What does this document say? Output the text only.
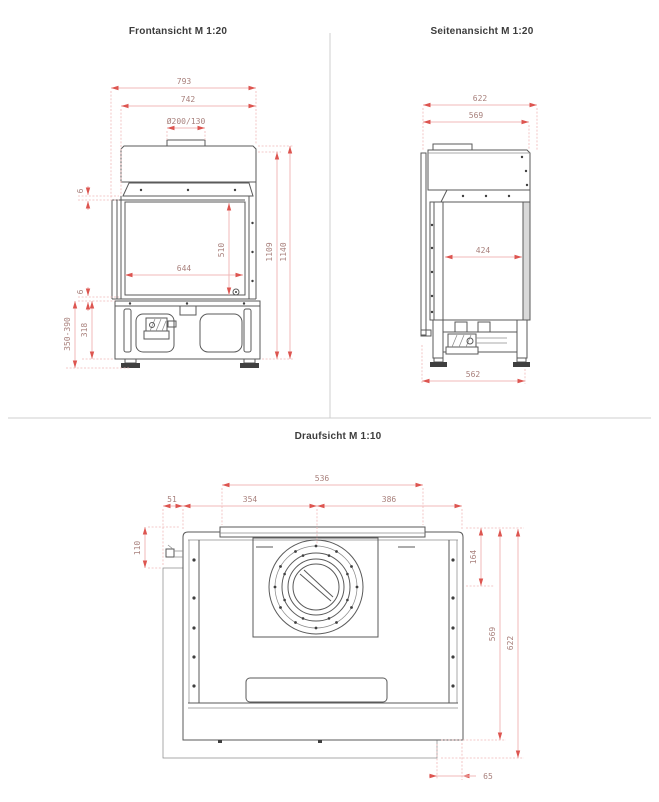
Frontansicht M 1:20	Seitenansicht M 1:20
Draufsicht M 1:10
793
742
Ø200/130
6
510
644
1109 1140
6
318
350-390
622
569
424
562
536
51	354	386
110
164
569
622
65
